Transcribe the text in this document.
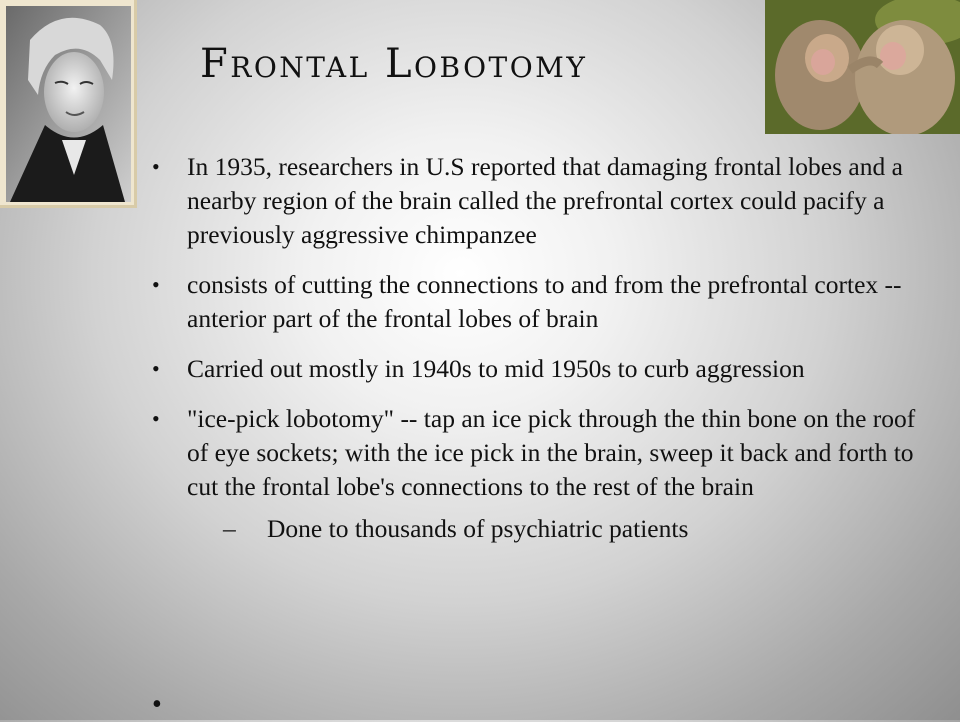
Frontal Lobotomy
• In 1935, researchers in U.S reported that damaging frontal lobes and a nearby region of the brain called the prefrontal cortex could pacify a previously aggressive chimpanzee
• consists of cutting the connections to and from the prefrontal cortex -- anterior part of the frontal lobes of brain
• Carried out mostly in 1940s to mid 1950s to curb aggression
• "ice-pick lobotomy" -- tap an ice pick through the thin bone on the roof of eye sockets; with the ice pick in the brain, sweep it back and forth to cut the frontal lobe's connections to the rest of the brain
– Done to thousands of psychiatric patients
•
